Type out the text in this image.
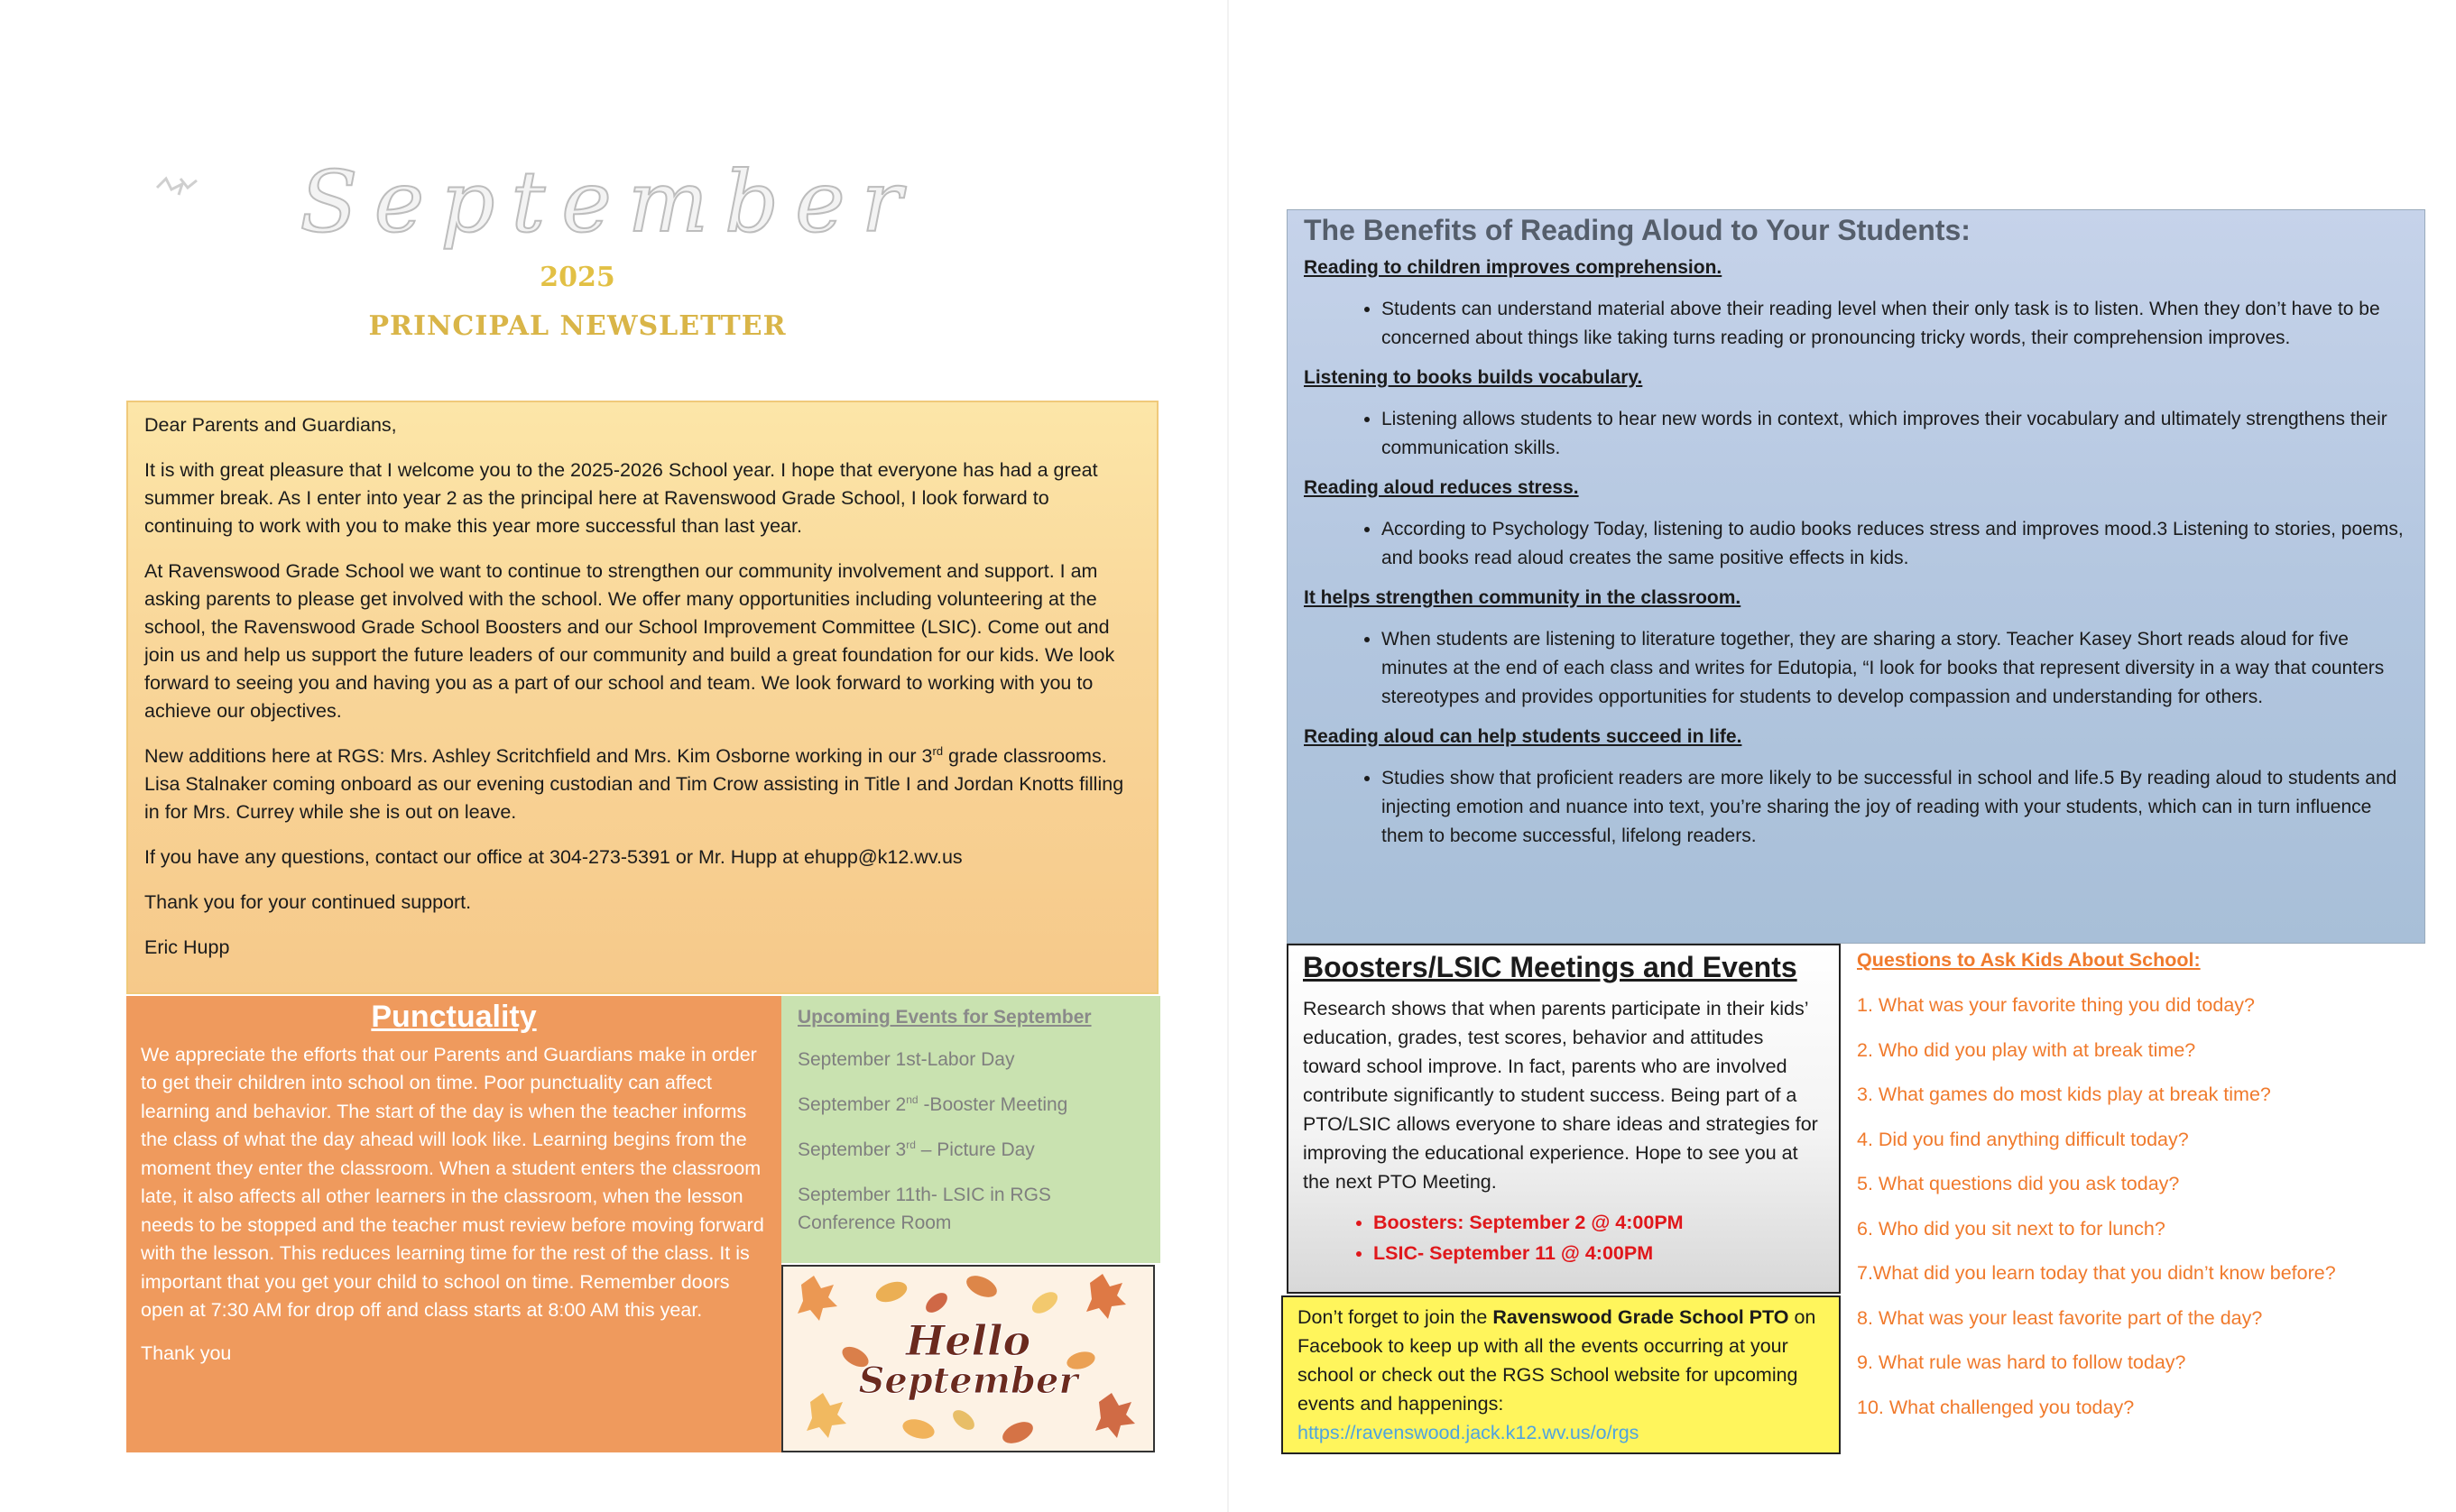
September
2025
PRINCIPAL NEWSLETTER

Dear Parents and Guardians,

It is with great pleasure that I welcome you to the 2025-2026 School year. I hope that everyone has had a great summer break. As I enter into year 2 as the principal here at Ravenswood Grade School, I look forward to continuing to work with you to make this year more successful than last year.

At Ravenswood Grade School we want to continue to strengthen our community involvement and support. I am asking parents to please get involved with the school. We offer many opportunities including volunteering at the school, the Ravenswood Grade School Boosters and our School Improvement Committee (LSIC). Come out and join us and help us support the future leaders of our community and build a great foundation for our kids. We look forward to seeing you and having you as a part of our school and team. We look forward to working with you to achieve our objectives.

New additions here at RGS: Mrs. Ashley Scritchfield and Mrs. Kim Osborne working in our 3rd grade classrooms. Lisa Stalnaker coming onboard as our evening custodian and Tim Crow assisting in Title I and Jordan Knotts filling in for Mrs. Currey while she is out on leave.

If you have any questions, contact our office at 304-273-5391 or Mr. Hupp at ehupp@k12.wv.us

Thank you for your continued support.

Eric Hupp

Punctuality

We appreciate the efforts that our Parents and Guardians make in order to get their children into school on time. Poor punctuality can affect learning and behavior. The start of the day is when the teacher informs the class of what the day ahead will look like. Learning begins from the moment they enter the classroom. When a student enters the classroom late, it also affects all other learners in the classroom, when the lesson needs to be stopped and the teacher must review before moving forward with the lesson. This reduces learning time for the rest of the class. It is important that you get your child to school on time. Remember doors open at 7:30 AM for drop off and class starts at 8:00 AM this year.

Thank you

Upcoming Events for September

September 1st-Labor Day

September 2nd -Booster Meeting

September 3rd – Picture Day

September 11th- LSIC in RGS Conference Room

Hello
September
The Benefits of Reading Aloud to Your Students:
Reading to children improves comprehension.
• Students can understand material above their reading level when their only task is to listen. When they don’t have to be concerned about things like taking turns reading or pronouncing tricky words, their comprehension improves.
Listening to books builds vocabulary.
• Listening allows students to hear new words in context, which improves their vocabulary and ultimately strengthens their communication skills.
Reading aloud reduces stress.
• According to Psychology Today, listening to audio books reduces stress and improves mood.3 Listening to stories, poems, and books read aloud creates the same positive effects in kids.
It helps strengthen community in the classroom.
• When students are listening to literature together, they are sharing a story. Teacher Kasey Short reads aloud for five minutes at the end of each class and writes for Edutopia, “I look for books that represent diversity in a way that counters stereotypes and provides opportunities for students to develop compassion and understanding for others.
Reading aloud can help students succeed in life.
• Studies show that proficient readers are more likely to be successful in school and life.5 By reading aloud to students and injecting emotion and nuance into text, you’re sharing the joy of reading with your students, which can in turn influence them to become successful, lifelong readers.
Boosters/LSIC Meetings and Events

Research shows that when parents participate in their kids’ education, grades, test scores, behavior and attitudes toward school improve. In fact, parents who are involved contribute significantly to student success. Being part of a PTO/LSIC allows everyone to share ideas and strategies for improving the educational experience. Hope to see you at the next PTO Meeting.

• Boosters: September 2 @ 4:00PM
• LSIC- September 11 @ 4:00PM
Don’t forget to join the Ravenswood Grade School PTO on Facebook to keep up with all the events occurring at your school or check out the RGS School website for upcoming events and happenings:
https://ravenswood.jack.k12.wv.us/o/rgs
Questions to Ask Kids About School:

1. What was your favorite thing you did today?

2. Who did you play with at break time?

3. What games do most kids play at break time?

4. Did you find anything difficult today?

5. What questions did you ask today?

6. Who did you sit next to for lunch?

7.What did you learn today that you didn’t know before?

8. What was your least favorite part of the day?

9. What rule was hard to follow today?

10. What challenged you today?
